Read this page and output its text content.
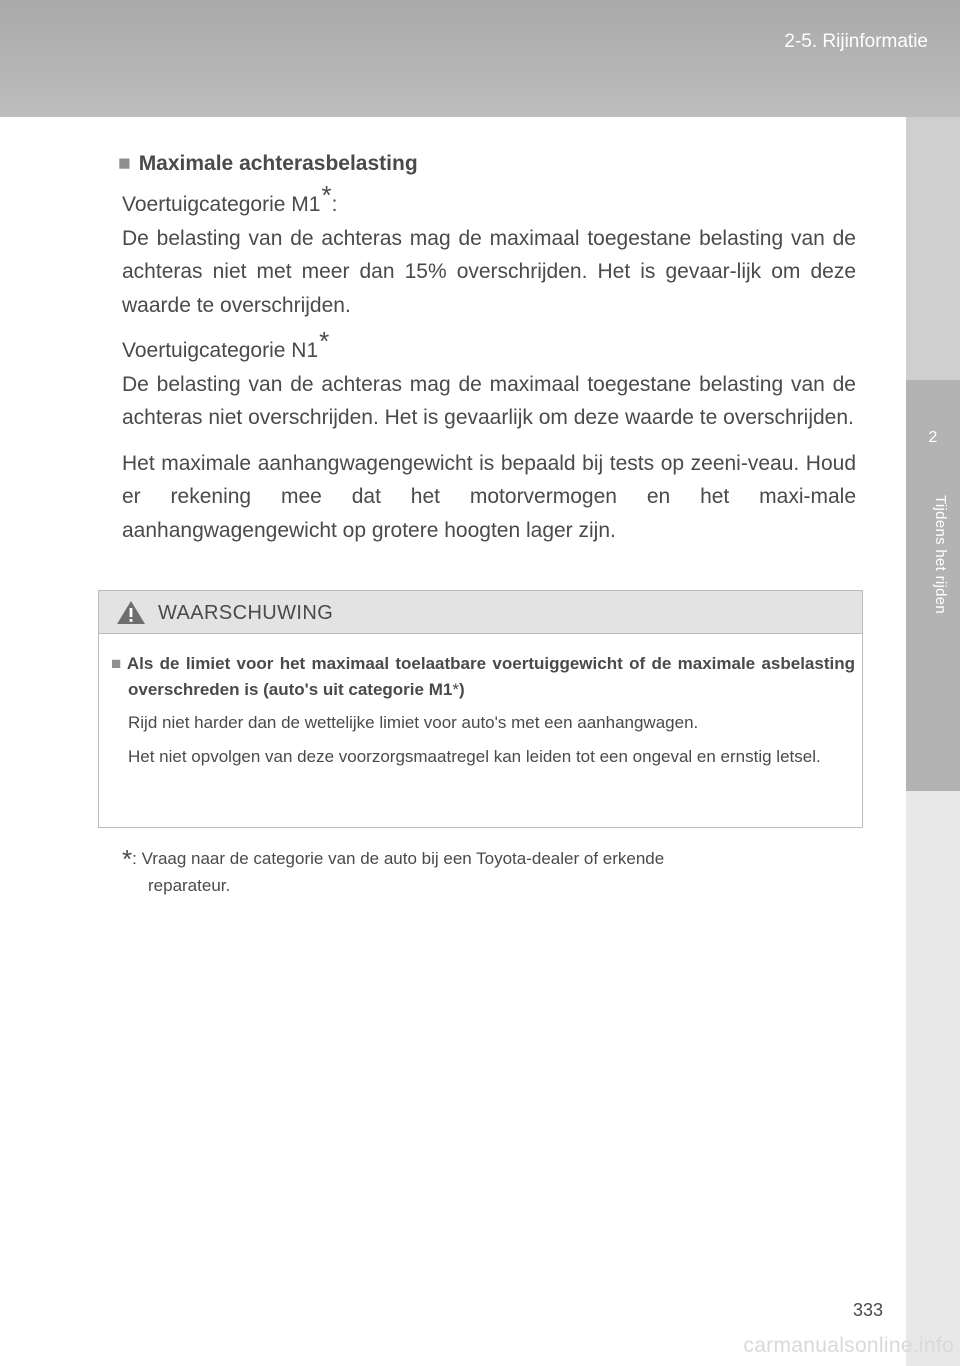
2-5. Rijinformatie
2
Tijdens het rijden
■ Maximale achterasbelasting

Voertuigcategorie M1*:

De belasting van de achteras mag de maximaal toegestane belasting van de achteras niet met meer dan 15% overschrijden. Het is gevaar-lijk om deze waarde te overschrijden.

Voertuigcategorie N1*

De belasting van de achteras mag de maximaal toegestane belasting van de achteras niet overschrijden. Het is gevaarlijk om deze waarde te overschrijden.

Het maximale aanhangwagengewicht is bepaald bij tests op zeeni-veau. Houd er rekening mee dat het motorvermogen en het maxi-male aanhangwagengewicht op grotere hoogten lager zijn.

WAARSCHUWING

■ Als de limiet voor het maximaal toelaatbare voertuiggewicht of de maximale asbelasting overschreden is (auto's uit categorie M1*)

Rijd niet harder dan de wettelijke limiet voor auto's met een aanhangwagen.

Het niet opvolgen van deze voorzorgsmaatregel kan leiden tot een ongeval en ernstig letsel.

*: Vraag naar de categorie van de auto bij een Toyota-dealer of erkende
reparateur.
333
carmanualsonline.info
